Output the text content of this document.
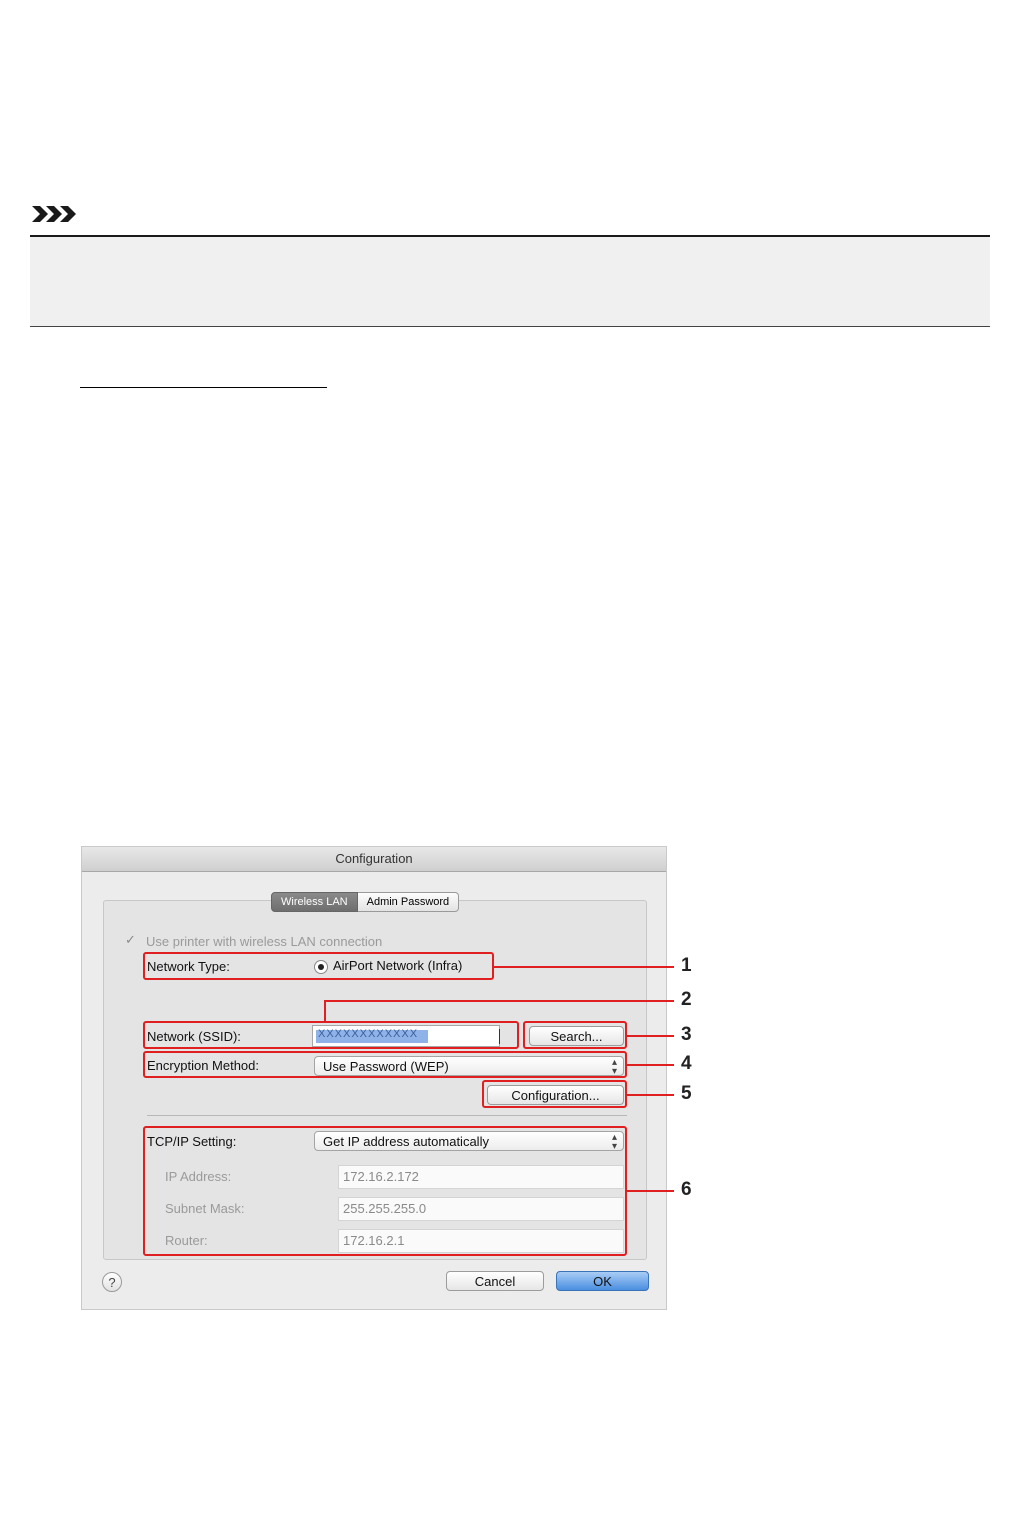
Configuration
Wireless LAN	Admin Password
✓ Use printer with wireless LAN connection
Network Type:	AirPort Network (Infra)
Network (SSID):	XXXXXXXXXXXX	Search...
Encryption Method:	Use Password (WEP)	▴
▾
Configuration...
TCP/IP Setting:	Get IP address automatically	▴
▾
IP Address:	172.16.2.172
Subnet Mask:	255.255.255.0
Router:	172.16.2.1
?	Cancel	OK
1
2
3
4
5
6
